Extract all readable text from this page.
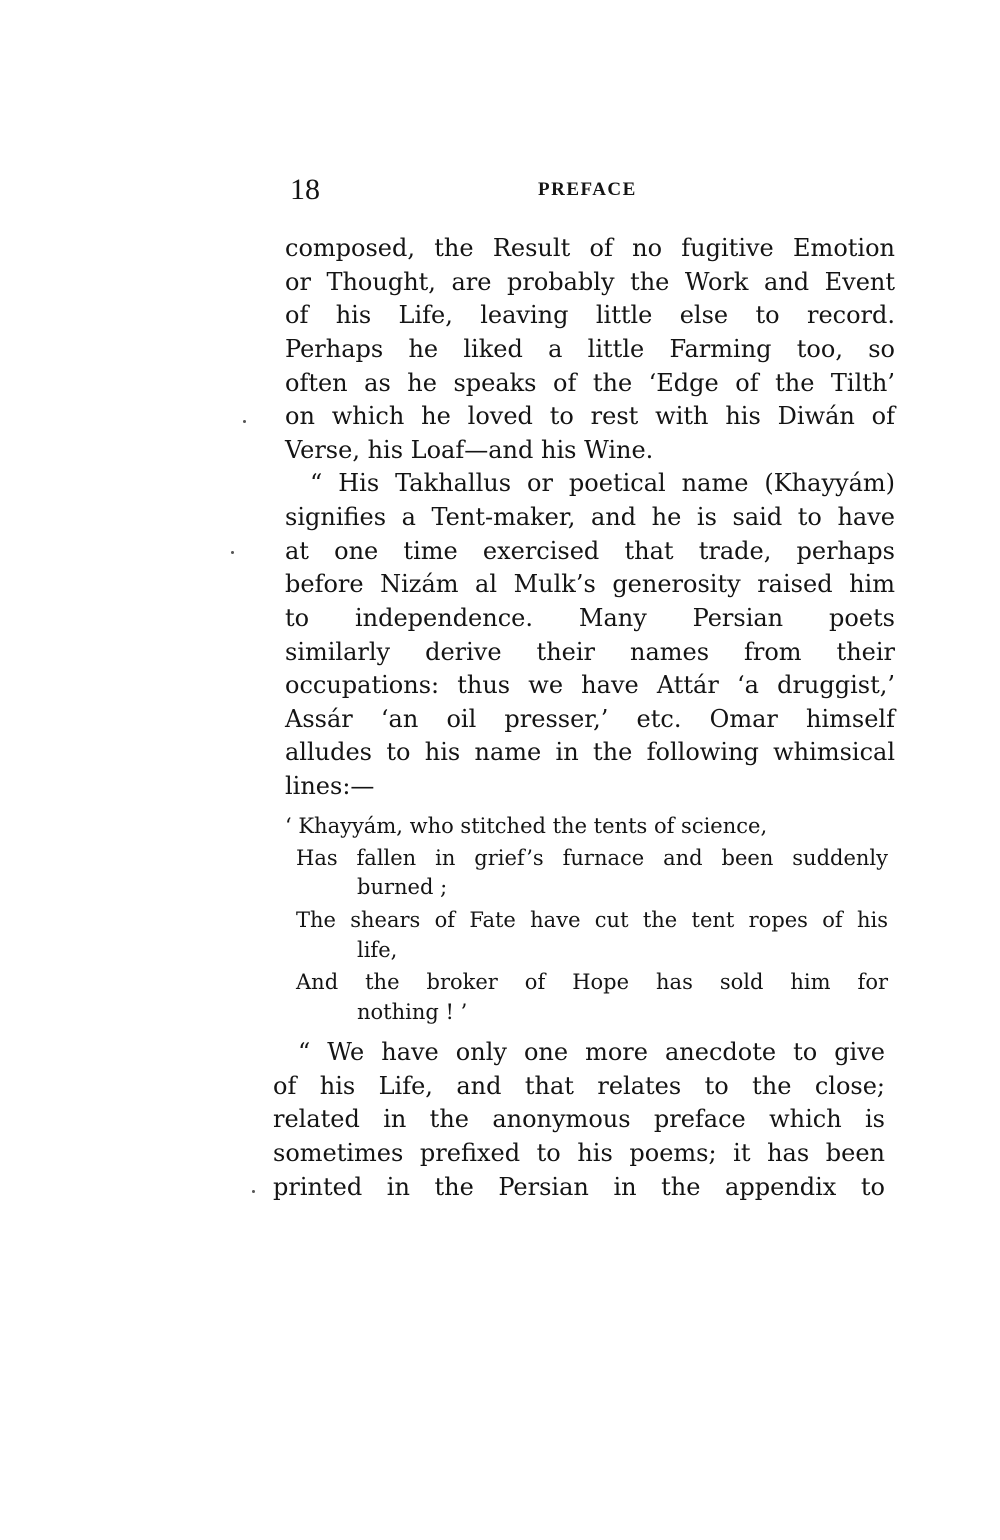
18	PREFACE
composed, the Result of no fugitive Emotion
or Thought, are probably the Work and Event
of his Life, leaving little else to record.
Perhaps he liked a little Farming too, so
often as he speaks of the ‘Edge of the Tilth’
on which he loved to rest with his Diwán of
Verse, his Loaf—and his Wine.
“ His Takhallus or poetical name (Khayyám)
signifies a Tent-maker, and he is said to have
at one time exercised that trade, perhaps
before Nizám al Mulk’s generosity raised him
to independence. Many Persian poets
similarly derive their names from their
occupations: thus we have Attár ‘a druggist,’
Assár ‘an oil presser,’ etc. Omar himself
alludes to his name in the following whimsical
lines:—
‘ Khayyám, who stitched the tents of science,
Has fallen in grief’s furnace and been suddenly
burned ;
The shears of Fate have cut the tent ropes of his
life,
And the broker of Hope has sold him for
nothing ! ’
“ We have only one more anecdote to give
of his Life, and that relates to the close;
related in the anonymous preface which is
sometimes prefixed to his poems; it has been
printed in the Persian in the appendix to
